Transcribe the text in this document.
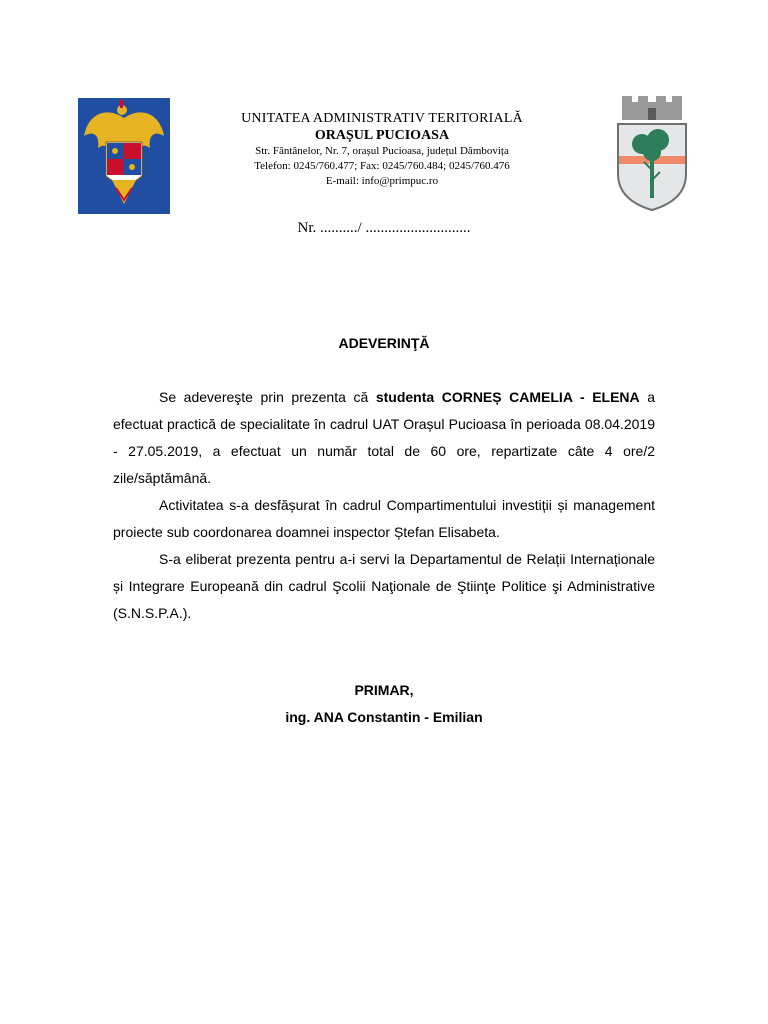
UNITATEA ADMINISTRATIV TERITORIALĂ
ORAȘUL PUCIOASA
Str. Fântânelor, Nr. 7, orașul Pucioasa, județul Dâmbovița
Telefon: 0245/760.477; Fax: 0245/760.484; 0245/760.476
E-mail: info@primpuc.ro
Nr. ........../ ............................
ADEVERINŢĂ

Se adevereşte prin prezenta că studenta CORNEȘ CAMELIA - ELENA a efectuat practică de specialitate în cadrul UAT Orașul Pucioasa în perioada 08.04.2019 - 27.05.2019, a efectuat un număr total de 60 ore, repartizate câte 4 ore/2 zile/săptămână.

Activitatea s-a desfășurat în cadrul Compartimentului investiții și management proiecte sub coordonarea doamnei inspector Ștefan Elisabeta.

S-a eliberat prezenta pentru a-i servi la Departamentul de Relații Internaționale și Integrare Europeană din cadrul Şcolii Naţionale de Ştiinţe Politice şi Administrative (S.N.S.P.A.).

PRIMAR,
ing. ANA Constantin - Emilian
